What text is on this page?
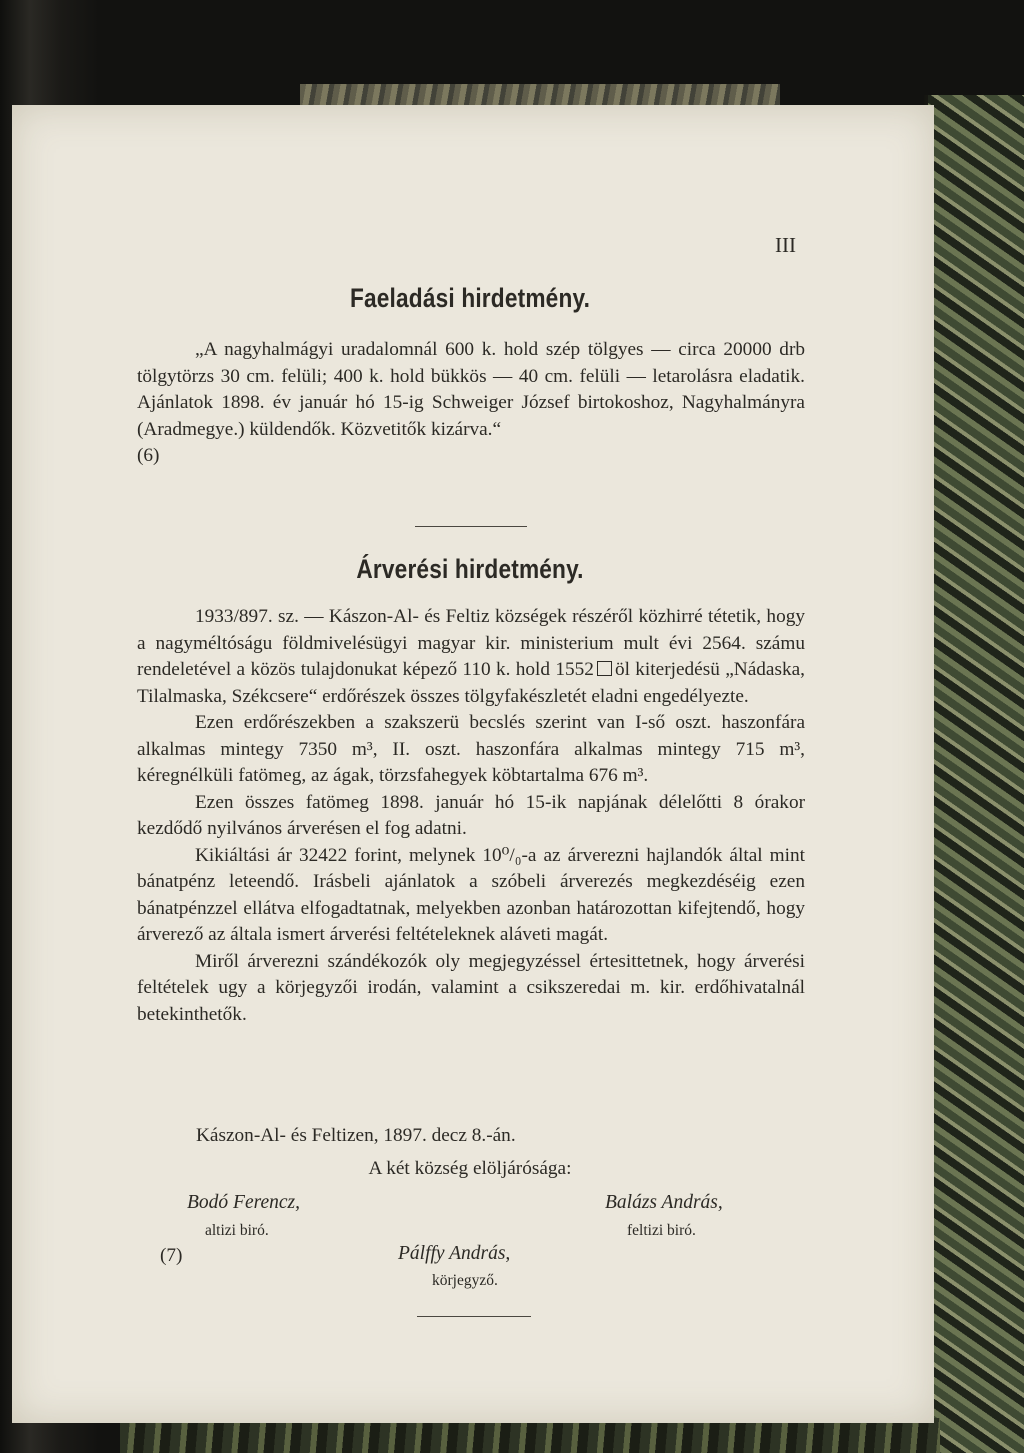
III
Faeladási hirdetmény.

„A nagyhalmágyi uradalomnál 600 k. hold szép tölgyes — circa 20000 drb tölgytörzs 30 cm. felüli; 400 k. hold bükkös — 40 cm. felüli — letarolásra eladatik. Ajánlatok 1898. év január hó 15-ig Schweiger József birtokoshoz, Nagyhalmányra (Aradmegye.) küldendők. Közvetitők kizárva.“
(6)

Árverési hirdetmény.
1933/897. sz. — Kászon-Al- és Feltiz községek részéről közhirré tétetik, hogy a nagyméltóságu földmivelésügyi magyar kir. ministerium mult évi 2564. számu rendeletével a közös tulajdonukat képező 110 k. hold 1552 öl kiterjedésü „Nádaska, Tilalmaska, Székcsere“ erdőrészek összes tölgyfakészletét eladni engedélyezte.
Ezen erdőrészekben a szakszerü becslés szerint van I-ső oszt. haszonfára alkalmas mintegy 7350 m³, II. oszt. haszonfára alkalmas mintegy 715 m³, kéregnélküli fatömeg, az ágak, törzsfahegyek köbtartalma 676 m³.
Ezen összes fatömeg 1898. január hó 15-ik napjának délelőtti 8 órakor kezdődő nyilvános árverésen el fog adatni.
Kikiáltási ár 32422 forint, melynek 10⁰/₀-a az árverezni hajlandók által mint bánatpénz leteendő. Irásbeli ajánlatok a szóbeli árverezés megkezdéséig ezen bánatpénzzel ellátva elfogadtatnak, melyekben azonban határozottan kifejtendő, hogy árverező az általa ismert árverési feltételeknek aláveti magát.
Miről árverezni szándékozók oly megjegyzéssel értesittetnek, hogy árverési feltételek ugy a körjegyzői irodán, valamint a csikszeredai m. kir. erdőhivatalnál betekinthetők.
Kászon-Al- és Feltizen, 1897. decz 8.-án.
A két község elöljárósága:
Bodó Ferencz,
altizi biró.
Balázs András,
feltizi biró.
(7)	Pálffy András,
körjegyző.
